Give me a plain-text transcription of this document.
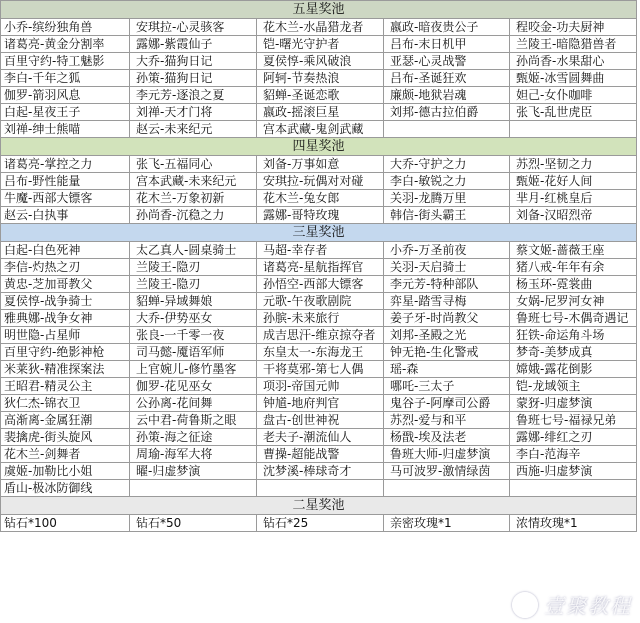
五星奖池				
小乔-缤纷独角兽	安琪拉-心灵骇客	花木兰-水晶猎龙者	嬴政-暗夜贵公子	程咬金-功夫厨神
诸葛亮-黄金分割率	露娜-紫霞仙子	铠-曙光守护者	吕布-末日机甲	兰陵王-暗隐猎兽者
百里守约-特工魅影	大乔-猫狗日记	夏侯惇-乘风破浪	亚瑟-心灵战警	孙尚香-水果甜心
李白-千年之狐	孙策-猫狗日记	阿轲-节奏热浪	吕布-圣诞狂欢	甄姬-冰雪圆舞曲
伽罗-箭羽风息	李元芳-逐浪之夏	貂蝉-圣诞恋歌	廉颇-地狱岩魂	妲己-女仆咖啡
白起-星夜王子	刘禅-天才门将	嬴政-摇滚巨星	刘邦-德古拉伯爵	张飞-乱世虎臣
刘禅-绅士熊喵	赵云-未来纪元	宫本武藏-鬼剑武藏		
四星奖池				
诸葛亮-掌控之力	张飞-五福同心	刘备-万事如意	大乔-守护之力	苏烈-坚韧之力
吕布-野性能量	宫本武藏-未来纪元	安琪拉-玩偶对对碰	李白-敏锐之力	甄姬-花好人间
牛魔-西部大镖客	花木兰-万象初新	花木兰-兔女郎	关羽-龙腾万里	芈月-红桃皇后
赵云-白执事	孙尚香-沉稳之力	露娜-哥特玫瑰	韩信-街头霸王	刘备-汉昭烈帝
三星奖池				
白起-白色死神	太乙真人-圆桌骑士	马超-幸存者	小乔-万圣前夜	蔡文姬-蔷薇王座
李信-灼热之刃	兰陵王-隐刃	诸葛亮-星航指挥官	关羽-天启骑士	猪八戒-年年有余
黄忠-芝加哥教父	兰陵王-隐刃	孙悟空-西部大镖客	李元芳-特种部队	杨玉环-霓裳曲
夏侯惇-战争骑士	貂蝉-异域舞娘	元歌-午夜歌剧院	弈星-踏雪寻梅	女娲-尼罗河女神
雅典娜-战争女神	大乔-伊势巫女	孙膑-未来旅行	姜子牙-时尚教父	鲁班七号-木偶奇遇记
明世隐-占星师	张良-一千零一夜	成吉思汗-维京掠夺者	刘邦-圣殿之光	狂铁-命运角斗场
百里守约-绝影神枪	司马懿-魇语军师	东皇太一-东海龙王	钟无艳-生化警戒	梦奇-美梦成真
米莱狄-精准探案法	上官婉儿-修竹墨客	干将莫邪-第七人偶	瑶-森	嫦娥-露花倒影
王昭君-精灵公主	伽罗-花见巫女	项羽-帝国元帅	哪吒-三太子	铠-龙域领主
狄仁杰-锦衣卫	公孙离-花间舞	钟馗-地府判官	鬼谷子-阿摩司公爵	蒙犽-归虚梦演
高渐离-金属狂潮	云中君-荷鲁斯之眼	盘古-创世神祝	苏烈-爱与和平	鲁班七号-福禄兄弟
裴擒虎-街头旋风	孙策-海之征途	老夫子-潮流仙人	杨戬-埃及法老	露娜-绯红之刃
花木兰-剑舞者	周瑜-海军大将	曹操-超能战警	鲁班大师-归虚梦演	李白-范海辛
虞姬-加勒比小姐	曜-归虚梦演	沈梦溪-棒球奇才	马可波罗-激情绿茵	西施-归虚梦演
盾山-极冰防御线				
二星奖池				
钻石*100	钻石*50	钻石*25	亲密玫瑰*1	浓情玫瑰*1
壹聚教程
